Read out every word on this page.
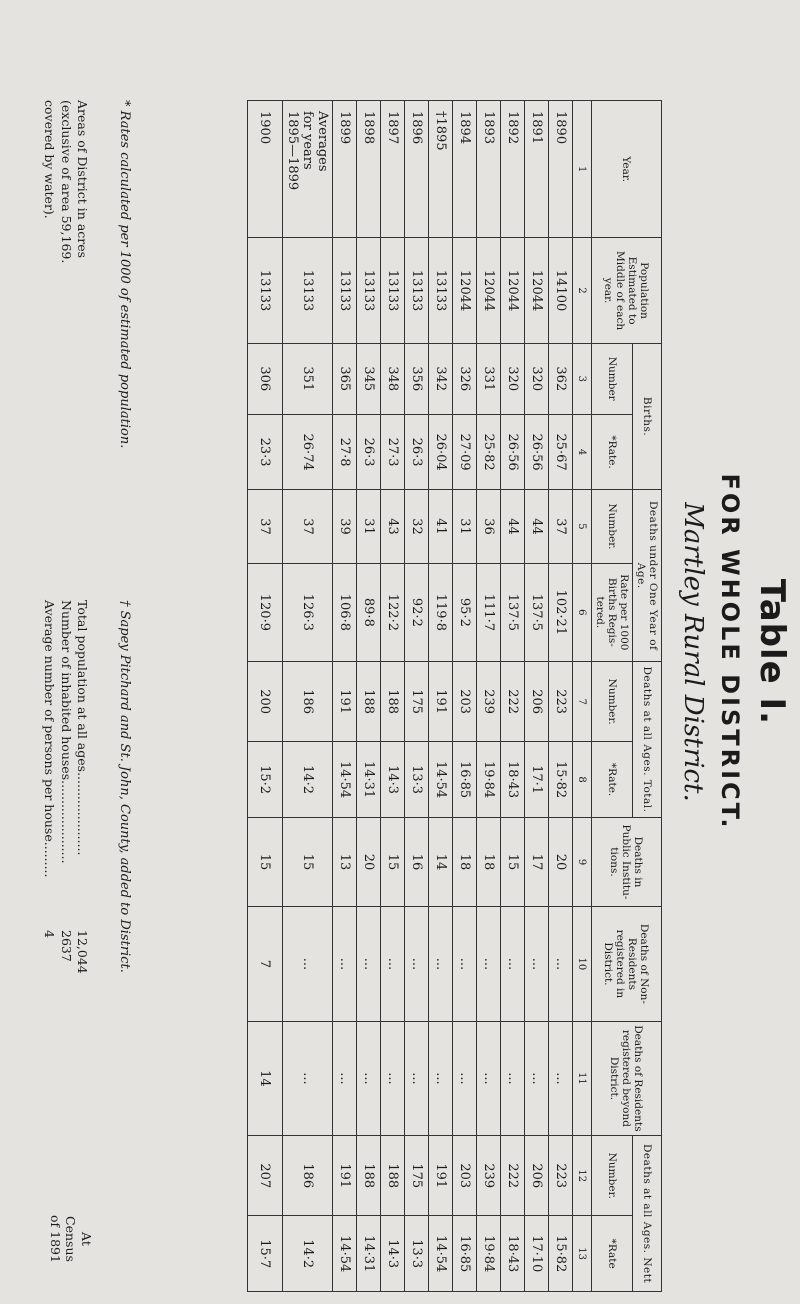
Table I.
FOR WHOLE DISTRICT.
Martley Rural District.
Year.	Population Estimated to Middle of each year.	Births.		Deaths under One Year of Age.		Deaths at all Ages. Total.		Deaths in Public Institu-tions.	Deaths of Non-Residents registered in District.	Deaths of Residents registered beyond District.	Deaths at all Ages. Nett	
		Number	*Rate.	Number.	Rate per 1000 Births Regis-tered.	Number.	*Rate.				Number.	*Rate
1	2	3	4	5	6	7	8	9	10	11	12	13
1890	14100	362	25·67	37	102·21	223	15·82	20	...	...	223	15·82
1891	12044	320	26·56	44	137·5	206	17·1	17	...	...	206	17·10
1892	12044	320	26·56	44	137·5	222	18·43	15	...	...	222	18·43
1893	12044	331	25·82	36	111·7	239	19·84	18	...	...	239	19·84
1894	12044	326	27·09	31	95·2	203	16·85	18	...	...	203	16·85
†1895	13133	342	26·04	41	119·8	191	14·54	14	...	...	191	14·54
1896	13133	356	26·3	32	92·2	175	13·3	16	...	...	175	13·3
1897	13133	348	27·3	43	122·2	188	14·3	15	...	...	188	14·3
1898	13133	345	26·3	31	89·8	188	14·31	20	...	...	188	14·31
1899	13133	365	27·8	39	106·8	191	14·54	13	...	...	191	14·54
Averages
for years
1895—1899	13133	351	26·74	37	126·3	186	14·2	15	...	...	186	14·2
1900	13133	306	23·3	37	120·9	200	15·2	15	7	14	207	15·7
* Rates calculated per 1000 of estimated population.
† Sapey Pitchard and St. John, County, added to District.
Areas of District in acres
(exclusive of area 59,169.
covered by water).
Total population at all ages.....................
12,044
Number of inhabited houses.....................
2637
Average number of persons per house.........
4
At
Census
of 1891
